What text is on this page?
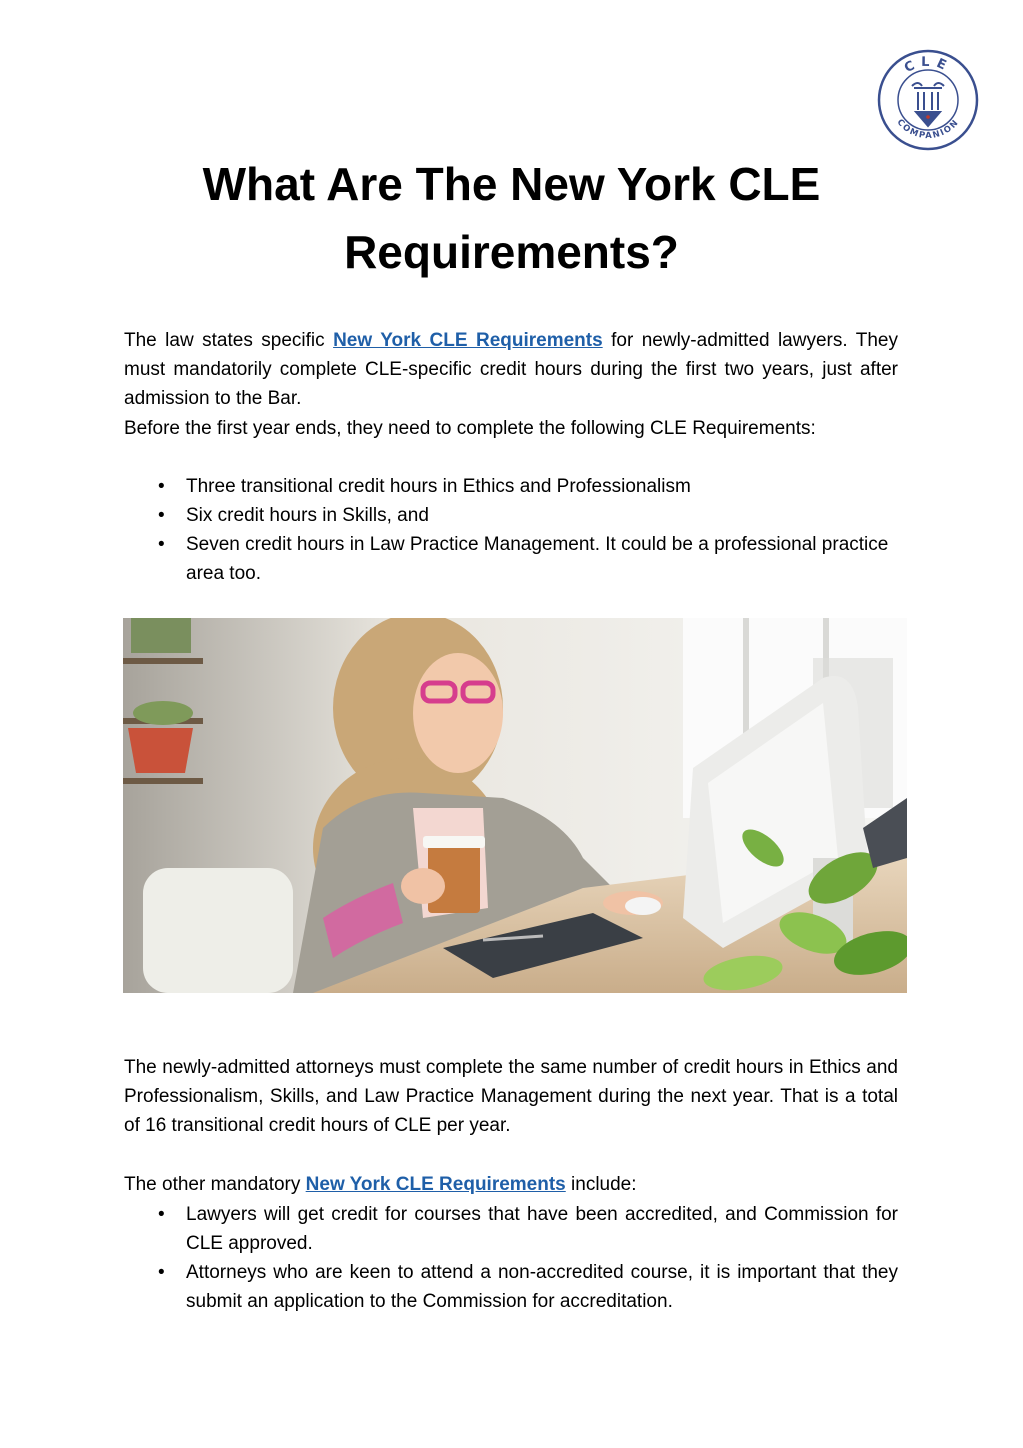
CLE
COMPANION
What Are The New York CLE Requirements?

The law states specific New York CLE Requirements for newly-admitted lawyers. They must mandatorily complete CLE-specific credit hours during the first two years, just after admission to the Bar.

Before the first year ends, they need to complete the following CLE Requirements:

• Three transitional credit hours in Ethics and Professionalism
• Six credit hours in Skills, and
• Seven credit hours in Law Practice Management. It could be a professional practice area too.

The newly-admitted attorneys must complete the same number of credit hours in Ethics and Professionalism, Skills, and Law Practice Management during the next year. That is a total of 16 transitional credit hours of CLE per year.

The other mandatory New York CLE Requirements include:

• Lawyers will get credit for courses that have been accredited, and Commission for CLE approved.
• Attorneys who are keen to attend a non-accredited course, it is important that they submit an application to the Commission for accreditation.
